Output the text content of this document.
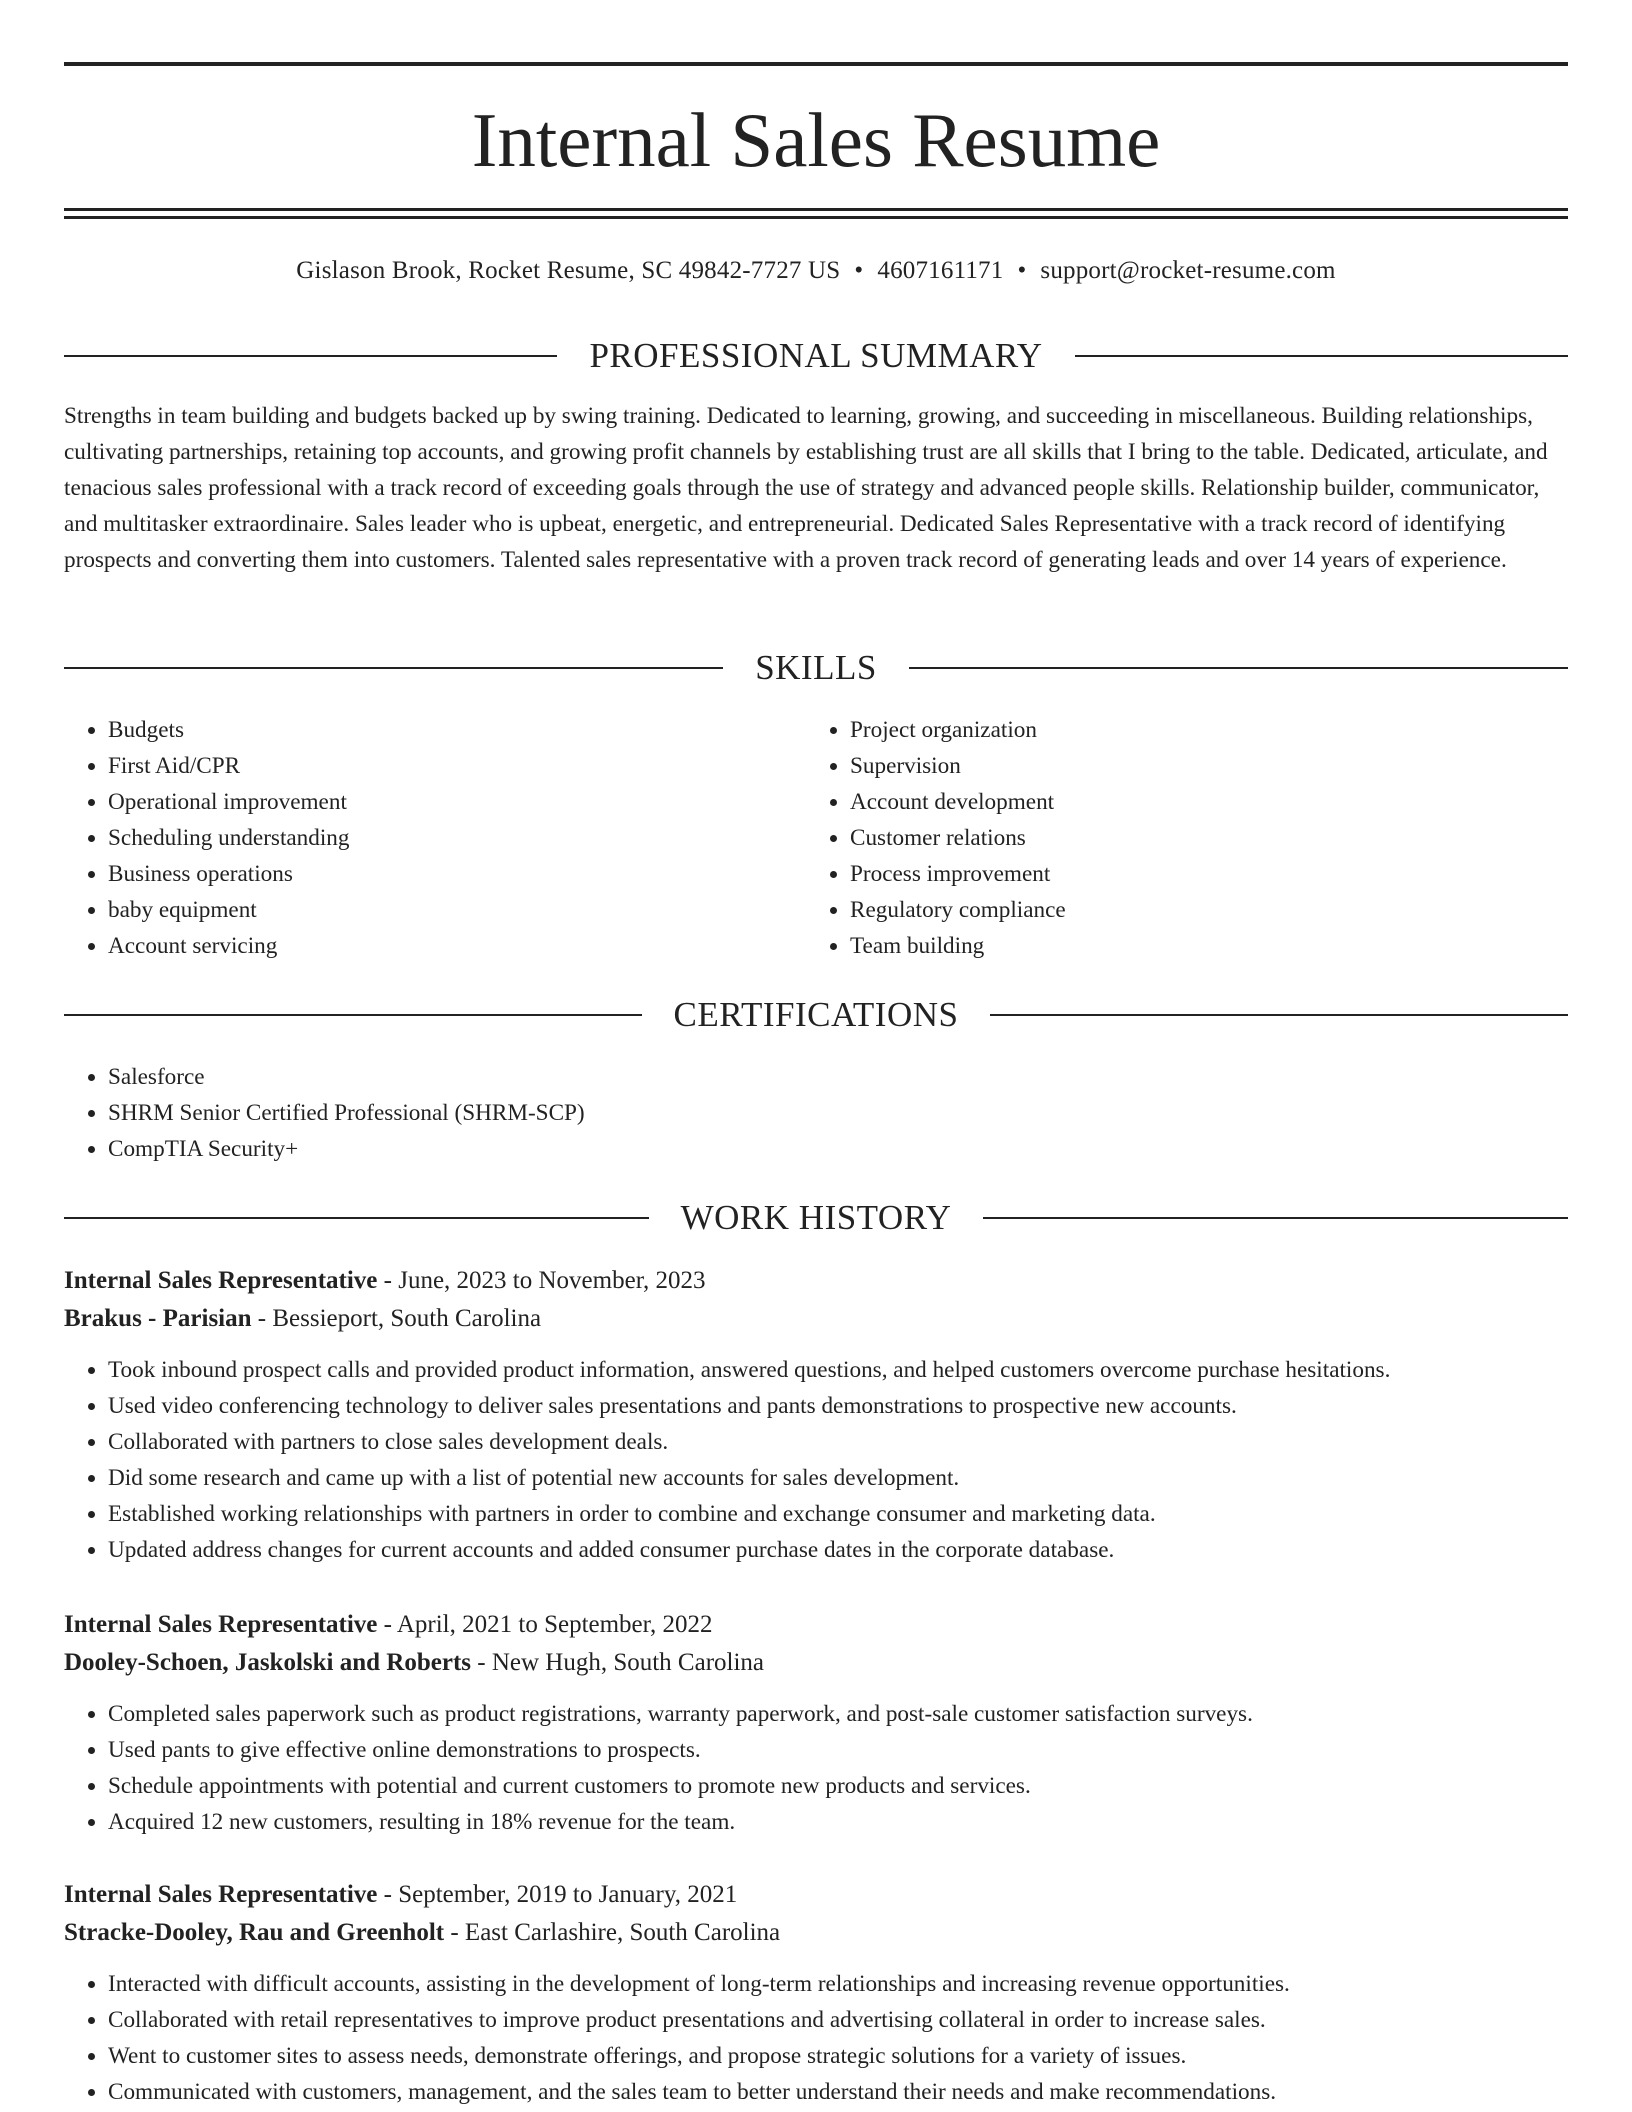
Internal Sales Resume
Gislason Brook, Rocket Resume, SC 49842-7727 US • 4607161171 • support@rocket-resume.com
PROFESSIONAL SUMMARY

Strengths in team building and budgets backed up by swing training. Dedicated to learning, growing, and succeeding in miscellaneous. Building relationships, cultivating partnerships, retaining top accounts, and growing profit channels by establishing trust are all skills that I bring to the table. Dedicated, articulate, and tenacious sales professional with a track record of exceeding goals through the use of strategy and advanced people skills. Relationship builder, communicator, and multitasker extraordinaire. Sales leader who is upbeat, energetic, and entrepreneurial. Dedicated Sales Representative with a track record of identifying prospects and converting them into customers. Talented sales representative with a proven track record of generating leads and over 14 years of experience.

SKILLS
• Budgets
• First Aid/CPR
• Operational improvement
• Scheduling understanding
• Business operations
• baby equipment
• Account servicing
• Project organization
• Supervision
• Account development
• Customer relations
• Process improvement
• Regulatory compliance
• Team building
CERTIFICATIONS
• Salesforce
• SHRM Senior Certified Professional (SHRM-SCP)
• CompTIA Security+
WORK HISTORY

Internal Sales Representative - June, 2023 to November, 2023

Brakus - Parisian - Bessieport, South Carolina

• Took inbound prospect calls and provided product information, answered questions, and helped customers overcome purchase hesitations.
• Used video conferencing technology to deliver sales presentations and pants demonstrations to prospective new accounts.
• Collaborated with partners to close sales development deals.
• Did some research and came up with a list of potential new accounts for sales development.
• Established working relationships with partners in order to combine and exchange consumer and marketing data.
• Updated address changes for current accounts and added consumer purchase dates in the corporate database.

Internal Sales Representative - April, 2021 to September, 2022

Dooley-Schoen, Jaskolski and Roberts - New Hugh, South Carolina

• Completed sales paperwork such as product registrations, warranty paperwork, and post-sale customer satisfaction surveys.
• Used pants to give effective online demonstrations to prospects.
• Schedule appointments with potential and current customers to promote new products and services.
• Acquired 12 new customers, resulting in 18% revenue for the team.

Internal Sales Representative - September, 2019 to January, 2021

Stracke-Dooley, Rau and Greenholt - East Carlashire, South Carolina

• Interacted with difficult accounts, assisting in the development of long-term relationships and increasing revenue opportunities.
• Collaborated with retail representatives to improve product presentations and advertising collateral in order to increase sales.
• Went to customer sites to assess needs, demonstrate offerings, and propose strategic solutions for a variety of issues.
• Communicated with customers, management, and the sales team to better understand their needs and make recommendations.
